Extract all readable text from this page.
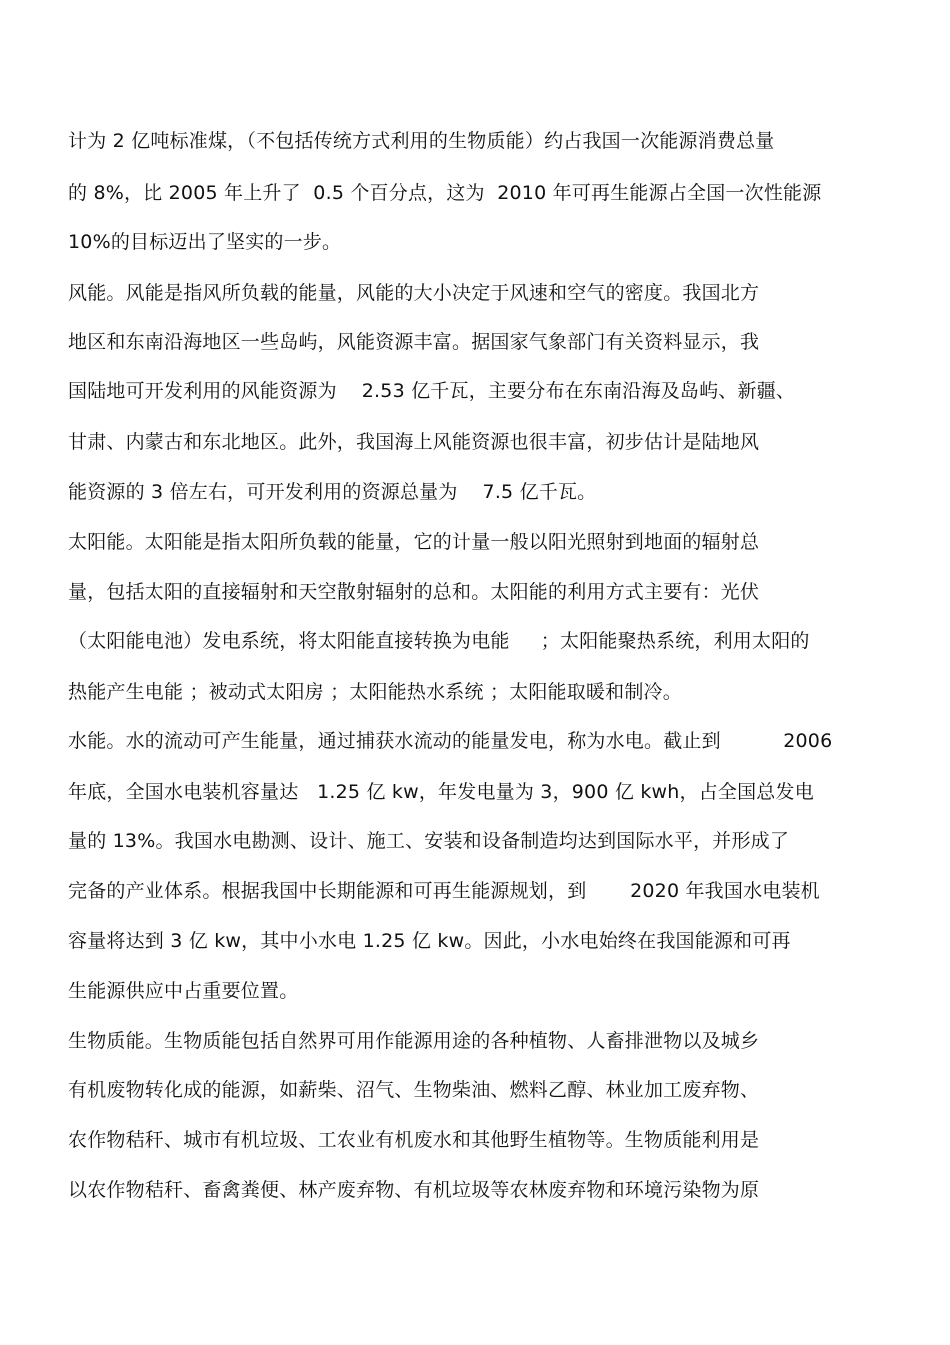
计为 2 亿吨标准煤，（不包括传统方式利用的生物质能）约占我国一次能源消费总量
的 8%，比 2005 年上升了  0.5 个百分点，这为  2010 年可再生能源占全国一次性能源
10%的目标迈出了坚实的一步。
风能。风能是指风所负载的能量，风能的大小决定于风速和空气的密度。我国北方
地区和东南沿海地区一些岛屿，风能资源丰富。据国家气象部门有关资料显示，我
国陆地可开发利用的风能资源为    2.53 亿千瓦，主要分布在东南沿海及岛屿、新疆、
甘肃、内蒙古和东北地区。此外，我国海上风能资源也很丰富，初步估计是陆地风
能资源的 3 倍左右，可开发利用的资源总量为    7.5 亿千瓦。
太阳能。太阳能是指太阳所负载的能量，它的计量一般以阳光照射到地面的辐射总
量，包括太阳的直接辐射和天空散射辐射的总和。太阳能的利用方式主要有：光伏
（太阳能电池）发电系统，将太阳能直接转换为电能     ；太阳能聚热系统，利用太阳的
热能产生电能 ；被动式太阳房 ；太阳能热水系统 ；太阳能取暖和制冷。
水能。水的流动可产生能量，通过捕获水流动的能量发电，称为水电。截止到          2006
年底，全国水电装机容量达   1.25 亿 kw，年发电量为 3，900 亿 kwh，占全国总发电
量的 13%。我国水电勘测、设计、施工、安装和设备制造均达到国际水平，并形成了
完备的产业体系。根据我国中长期能源和可再生能源规划，到       2020 年我国水电装机
容量将达到 3 亿 kw，其中小水电 1.25 亿 kw。因此，小水电始终在我国能源和可再
生能源供应中占重要位置。
生物质能。生物质能包括自然界可用作能源用途的各种植物、人畜排泄物以及城乡
有机废物转化成的能源，如薪柴、沼气、生物柴油、燃料乙醇、林业加工废弃物、
农作物秸秆、城市有机垃圾、工农业有机废水和其他野生植物等。生物质能利用是
以农作物秸秆、畜禽粪便、林产废弃物、有机垃圾等农林废弃物和环境污染物为原
